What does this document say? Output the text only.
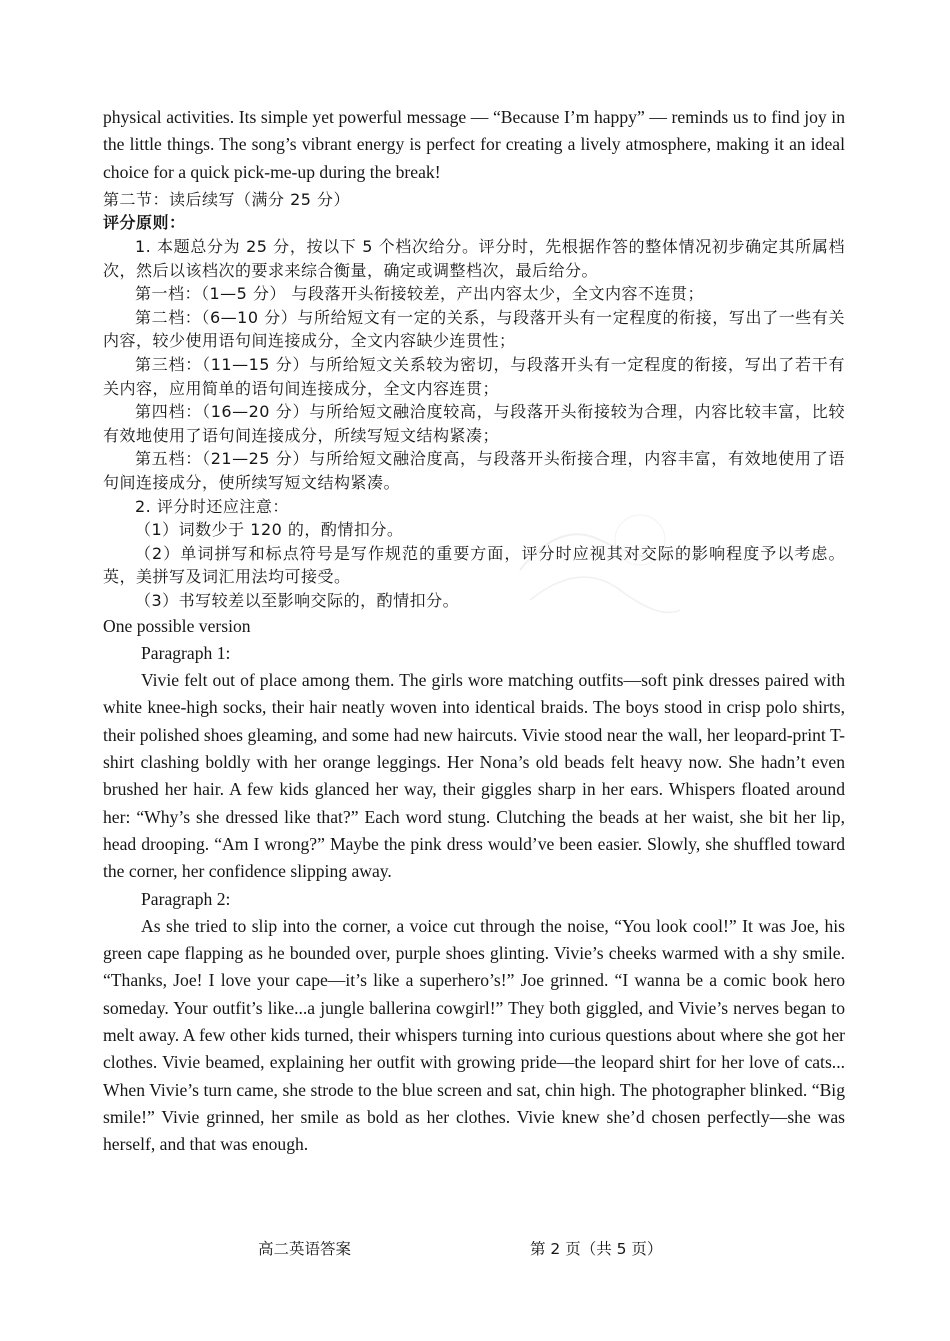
physical activities. Its simple yet powerful message — “Because I’m happy” — reminds us to find joy in the little things. The song’s vibrant energy is perfect for creating a lively atmosphere, making it an ideal choice for a quick pick-me-up during the break!

第二节：读后续写（满分 25 分）

评分原则：

1. 本题总分为 25 分，按以下 5 个档次给分。评分时，先根据作答的整体情况初步确定其所属档次，然后以该档次的要求来综合衡量，确定或调整档次，最后给分。

第一档：（1—5 分） 与段落开头衔接较差，产出内容太少，全文内容不连贯；

第二档：（6—10 分）与所给短文有一定的关系，与段落开头有一定程度的衔接，写出了一些有关内容，较少使用语句间连接成分，全文内容缺少连贯性；

第三档：（11—15 分）与所给短文关系较为密切，与段落开头有一定程度的衔接，写出了若干有关内容，应用简单的语句间连接成分，全文内容连贯；

第四档：（16—20 分）与所给短文融洽度较高，与段落开头衔接较为合理，内容比较丰富，比较有效地使用了语句间连接成分，所续写短文结构紧凑；

第五档：（21—25 分）与所给短文融洽度高，与段落开头衔接合理，内容丰富，有效地使用了语句间连接成分，使所续写短文结构紧凑。

2. 评分时还应注意：

（1）词数少于 120 的，酌情扣分。

（2）单词拼写和标点符号是写作规范的重要方面，评分时应视其对交际的影响程度予以考虑。英，美拼写及词汇用法均可接受。

（3）书写较差以至影响交际的，酌情扣分。

One possible version

Paragraph 1:

Vivie felt out of place among them. The girls wore matching outfits—soft pink dresses paired with white knee-high socks, their hair neatly woven into identical braids. The boys stood in crisp polo shirts, their polished shoes gleaming, and some had new haircuts. Vivie stood near the wall, her leopard-print T-shirt clashing boldly with her orange leggings. Her Nona’s old beads felt heavy now. She hadn’t even brushed her hair. A few kids glanced her way, their giggles sharp in her ears. Whispers floated around her: “Why’s she dressed like that?” Each word stung. Clutching the beads at her waist, she bit her lip, head drooping. “Am I wrong?” Maybe the pink dress would’ve been easier. Slowly, she shuffled toward the corner, her confidence slipping away.

Paragraph 2:

As she tried to slip into the corner, a voice cut through the noise, “You look cool!” It was Joe, his green cape flapping as he bounded over, purple shoes glinting. Vivie’s cheeks warmed with a shy smile. “Thanks, Joe! I love your cape—it’s like a superhero’s!” Joe grinned. “I wanna be a comic book hero someday. Your outfit’s like...a jungle ballerina cowgirl!” They both giggled, and Vivie’s nerves began to melt away. A few other kids turned, their whispers turning into curious questions about where she got her clothes. Vivie beamed, explaining her outfit with growing pride—the leopard shirt for her love of cats... When Vivie’s turn came, she strode to the blue screen and sat, chin high. The photographer blinked. “Big smile!” Vivie grinned, her smile as bold as her clothes. Vivie knew she’d chosen perfectly—she was herself, and that was enough.

高二英语答案	第 2 页（共 5 页）
